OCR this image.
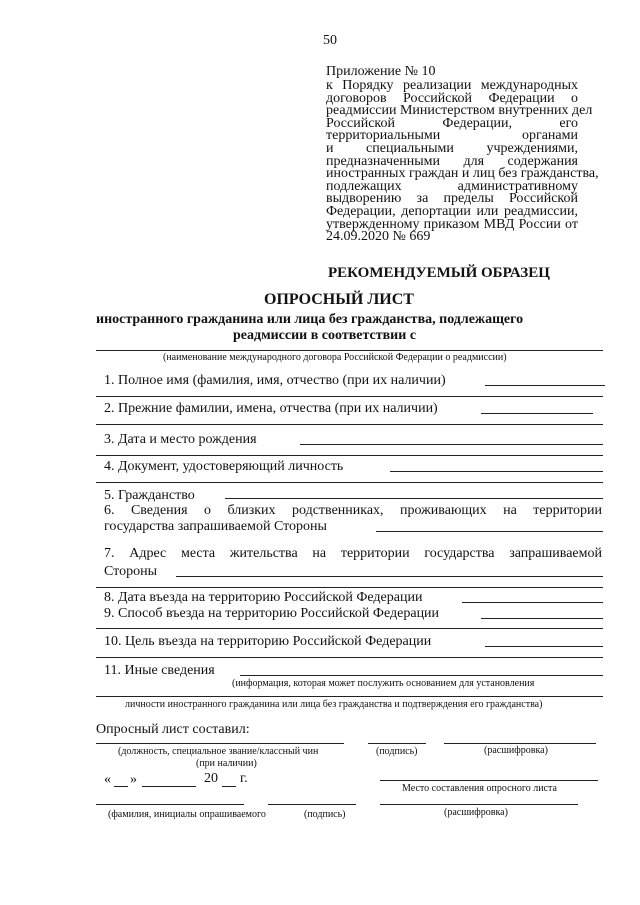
50
Приложение № 10
к Порядку реализации международных
договоров Российской Федерации о
реадмиссии Министерством внутренних дел
Российской Федерации, его
территориальными органами
и специальными учреждениями,
предназначенными для содержания
иностранных граждан и лиц без гражданства,
подлежащих административному
выдворению за пределы Российской
Федерации, депортации или реадмиссии,
утвержденному приказом МВД России от
24.09.2020 № 669
РЕКОМЕНДУЕМЫЙ ОБРАЗЕЦ
ОПРОСНЫЙ ЛИСТ
иностранного гражданина или лица без гражданства, подлежащего
реадмиссии в соответствии с
(наименование международного договора Российской Федерации о реадмиссии)
1. Полное имя (фамилия, имя, отчество (при их наличии)
2. Прежние фамилии, имена, отчества (при их наличии)
3. Дата и место рождения
4. Документ, удостоверяющий личность
5. Гражданство
6. Сведения о близких родственниках, проживающих на территории
государства запрашиваемой Стороны
7. Адрес места жительства на территории государства запрашиваемой
Стороны
8. Дата въезда на территорию Российской Федерации
9. Способ въезда на территорию Российской Федерации
10. Цель въезда на территорию Российской Федерации
11. Иные сведения
(информация, которая может послужить основанием для установления
личности иностранного гражданина или лица без гражданства и подтверждения его гражданства)
Опросный лист составил:
(должность, специальное звание/классный чин	(подпись)	(расшифровка)
(при наличии)
« »	20 г.
Место составления опросного листа
(фамилия, инициалы опрашиваемого	(подпись)	(расшифровка)
